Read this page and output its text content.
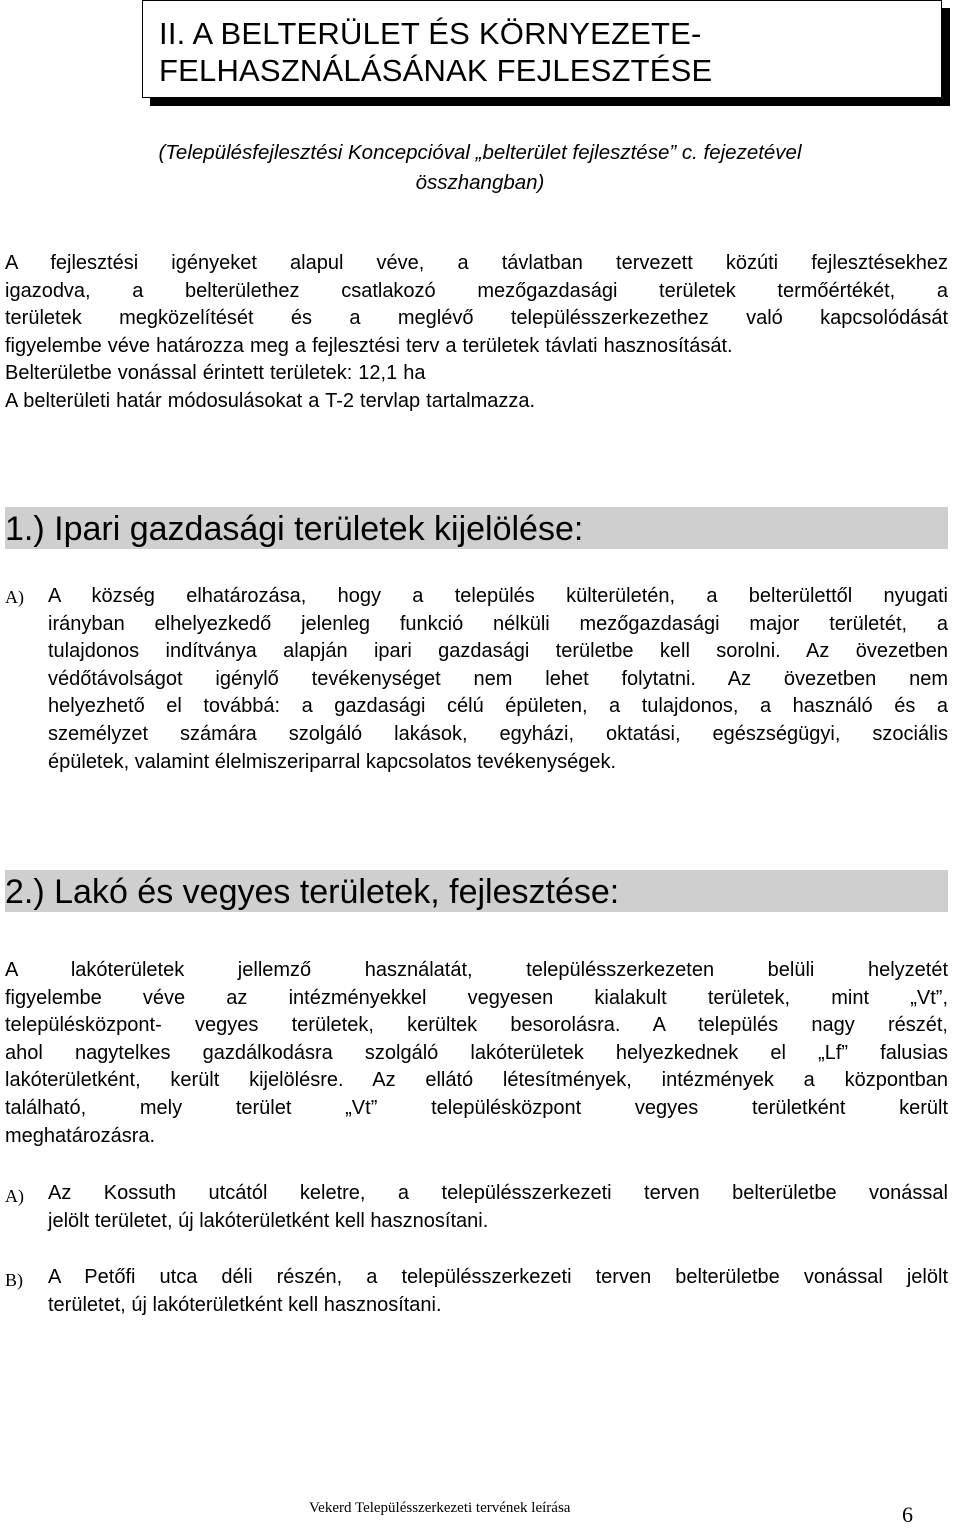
II. A BELTERÜLET ÉS KÖRNYEZETE-
FELHASZNÁLÁSÁNAK FEJLESZTÉSE
(Településfejlesztési Koncepcióval „belterület fejlesztése” c. fejezetével
összhangban)
A fejlesztési igényeket alapul véve, a távlatban tervezett közúti fejlesztésekhez
igazodva, a belterülethez csatlakozó mezőgazdasági területek termőértékét, a
területek megközelítését és a meglévő településszerkezethez való kapcsolódását
figyelembe véve határozza meg a fejlesztési terv a területek távlati hasznosítását.
Belterületbe vonással érintett területek: 12,1 ha
A belterületi határ módosulásokat a T-2 tervlap tartalmazza.
1.) Ipari gazdasági területek kijelölése:
A) A község elhatározása, hogy a település külterületén, a belterülettől nyugati
irányban elhelyezkedő jelenleg funkció nélküli mezőgazdasági major területét, a
tulajdonos indítványa alapján ipari gazdasági területbe kell sorolni. Az övezetben
védőtávolságot igénylő tevékenységet nem lehet folytatni. Az övezetben nem
helyezhető el továbbá: a gazdasági célú épületen, a tulajdonos, a használó és a
személyzet számára szolgáló lakások, egyházi, oktatási, egészségügyi, szociális
épületek, valamint élelmiszeriparral kapcsolatos tevékenységek.
2.) Lakó és vegyes területek, fejlesztése:
A lakóterületek jellemző használatát, településszerkezeten belüli helyzetét
figyelembe véve az intézményekkel vegyesen kialakult területek, mint „Vt”,
településközpont- vegyes területek, kerültek besorolásra. A település nagy részét,
ahol nagytelkes gazdálkodásra szolgáló lakóterületek helyezkednek el „Lf” falusias
lakóterületként, került kijelölésre. Az ellátó létesítmények, intézmények a központban
található, mely terület „Vt” településközpont vegyes területként került
meghatározásra.
A) Az Kossuth utcától keletre, a településszerkezeti terven belterületbe vonással
jelölt területet, új lakóterületként kell hasznosítani.
B) A Petőfi utca déli részén, a településszerkezeti terven belterületbe vonással jelölt
területet, új lakóterületként kell hasznosítani.
Vekerd Településszerkezeti tervének leírása	6
